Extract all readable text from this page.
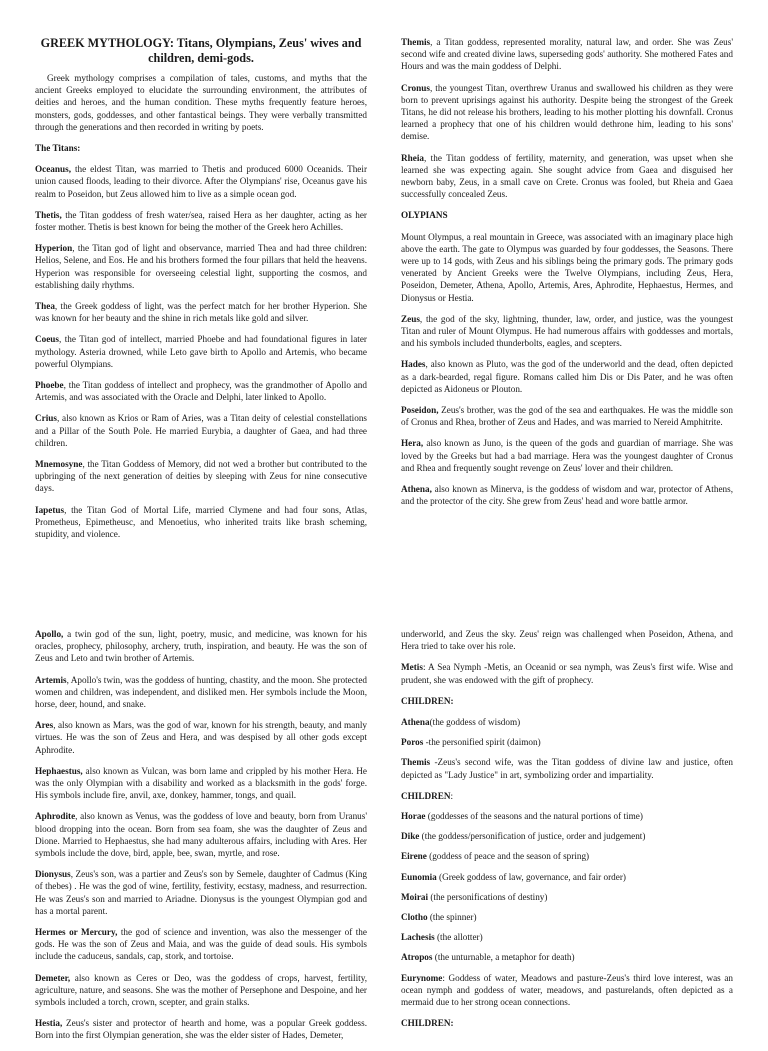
GREEK MYTHOLOGY: Titans, Olympians, Zeus' wives and children, demi-gods.

Greek mythology comprises a compilation of tales, customs, and myths that the ancient Greeks employed to elucidate the surrounding environment, the attributes of deities and heroes, and the human condition. These myths frequently feature heroes, monsters, gods, goddesses, and other fantastical beings. They were verbally transmitted through the generations and then recorded in writing by poets.

The Titans:

Oceanus, the eldest Titan, was married to Thetis and produced 6000 Oceanids. Their union caused floods, leading to their divorce. After the Olympians' rise, Oceanus gave his realm to Poseidon, but Zeus allowed him to live as a simple ocean god.

Thetis, the Titan goddess of fresh water/sea, raised Hera as her daughter, acting as her foster mother. Thetis is best known for being the mother of the Greek hero Achilles.

Hyperion, the Titan god of light and observance, married Thea and had three children: Helios, Selene, and Eos. He and his brothers formed the four pillars that held the heavens. Hyperion was responsible for overseeing celestial light, supporting the cosmos, and establishing daily rhythms.

Thea, the Greek goddess of light, was the perfect match for her brother Hyperion. She was known for her beauty and the shine in rich metals like gold and silver.

Coeus, the Titan god of intellect, married Phoebe and had foundational figures in later mythology. Asteria drowned, while Leto gave birth to Apollo and Artemis, who became powerful Olympians.

Phoebe, the Titan goddess of intellect and prophecy, was the grandmother of Apollo and Artemis, and was associated with the Oracle and Delphi, later linked to Apollo.

Crius, also known as Krios or Ram of Aries, was a Titan deity of celestial constellations and a Pillar of the South Pole. He married Eurybia, a daughter of Gaea, and had three children.

Mnemosyne, the Titan Goddess of Memory, did not wed a brother but contributed to the upbringing of the next generation of deities by sleeping with Zeus for nine consecutive days.

Iapetus, the Titan God of Mortal Life, married Clymene and had four sons, Atlas, Prometheus, Epimetheusc, and Menoetius, who inherited traits like brash scheming, stupidity, and violence.

Themis, a Titan goddess, represented morality, natural law, and order. She was Zeus' second wife and created divine laws, superseding gods' authority. She mothered Fates and Hours and was the main goddess of Delphi.

Cronus, the youngest Titan, overthrew Uranus and swallowed his children as they were born to prevent uprisings against his authority. Despite being the strongest of the Greek Titans, he did not release his brothers, leading to his mother plotting his downfall. Cronus learned a prophecy that one of his children would dethrone him, leading to his sons' demise.

Rheia, the Titan goddess of fertility, maternity, and generation, was upset when she learned she was expecting again. She sought advice from Gaea and disguised her newborn baby, Zeus, in a small cave on Crete. Cronus was fooled, but Rheia and Gaea successfully concealed Zeus.

OLYPIANS

Mount Olympus, a real mountain in Greece, was associated with an imaginary place high above the earth. The gate to Olympus was guarded by four goddesses, the Seasons. There were up to 14 gods, with Zeus and his siblings being the primary gods. The primary gods venerated by Ancient Greeks were the Twelve Olympians, including Zeus, Hera, Poseidon, Demeter, Athena, Apollo, Artemis, Ares, Aphrodite, Hephaestus, Hermes, and Dionysus or Hestia.

Zeus, the god of the sky, lightning, thunder, law, order, and justice, was the youngest Titan and ruler of Mount Olympus. He had numerous affairs with goddesses and mortals, and his symbols included thunderbolts, eagles, and scepters.

Hades, also known as Pluto, was the god of the underworld and the dead, often depicted as a dark-bearded, regal figure. Romans called him Dis or Dis Pater, and he was often depicted as Aidoneus or Plouton.

Poseidon, Zeus's brother, was the god of the sea and earthquakes. He was the middle son of Cronus and Rhea, brother of Zeus and Hades, and was married to Nereid Amphitrite.

Hera, also known as Juno, is the queen of the gods and guardian of marriage. She was loved by the Greeks but had a bad marriage. Hera was the youngest daughter of Cronus and Rhea and frequently sought revenge on Zeus' lover and their children.

Athena, also known as Minerva, is the goddess of wisdom and war, protector of Athens, and the protector of the city. She grew from Zeus' head and wore battle armor.

Apollo, a twin god of the sun, light, poetry, music, and medicine, was known for his oracles, prophecy, philosophy, archery, truth, inspiration, and beauty. He was the son of Zeus and Leto and twin brother of Artemis.

Artemis, Apollo's twin, was the goddess of hunting, chastity, and the moon. She protected women and children, was independent, and disliked men. Her symbols include the Moon, horse, deer, hound, and snake.

Ares, also known as Mars, was the god of war, known for his strength, beauty, and manly virtues. He was the son of Zeus and Hera, and was despised by all other gods except Aphrodite.

Hephaestus, also known as Vulcan, was born lame and crippled by his mother Hera. He was the only Olympian with a disability and worked as a blacksmith in the gods' forge. His symbols include fire, anvil, axe, donkey, hammer, tongs, and quail.

Aphrodite, also known as Venus, was the goddess of love and beauty, born from Uranus' blood dropping into the ocean. Born from sea foam, she was the daughter of Zeus and Dione. Married to Hephaestus, she had many adulterous affairs, including with Ares. Her symbols include the dove, bird, apple, bee, swan, myrtle, and rose.

Dionysus, Zeus's son, was a partier and Zeus's son by Semele, daughter of Cadmus (King of thebes) . He was the god of wine, fertility, festivity, ecstasy, madness, and resurrection. He was Zeus's son and married to Ariadne. Dionysus is the youngest Olympian god and has a mortal parent.

Hermes or Mercury, the god of science and invention, was also the messenger of the gods. He was the son of Zeus and Maia, and was the guide of dead souls. His symbols include the caduceus, sandals, cap, stork, and tortoise.

Demeter, also known as Ceres or Deo, was the goddess of crops, harvest, fertility, agriculture, nature, and seasons. She was the mother of Persephone and Despoine, and her symbols included a torch, crown, scepter, and grain stalks.

Hestia, Zeus's sister and protector of hearth and home, was a popular Greek goddess. Born into the first Olympian generation, she was the elder sister of Hades, Demeter,

underworld, and Zeus the sky. Zeus' reign was challenged when Poseidon, Athena, and Hera tried to take over his role.

Metis: A Sea Nymph -Metis, an Oceanid or sea nymph, was Zeus's first wife. Wise and prudent, she was endowed with the gift of prophecy.

CHILDREN:

Athena(the goddess of wisdom)

Poros -the personified spirit (daimon)

Themis -Zeus's second wife, was the Titan goddess of divine law and justice, often depicted as "Lady Justice" in art, symbolizing order and impartiality.

CHILDREN:

Horae (goddesses of the seasons and the natural portions of time)

Dike (the goddess/personification of justice, order and judgement)

Eirene (goddess of peace and the season of spring)

Eunomia (Greek goddess of law, governance, and fair order)

Moirai (the personifications of destiny)

Clotho (the spinner)

Lachesis (the allotter)

Atropos (the unturnable, a metaphor for death)

Eurynome: Goddess of water, Meadows and pasture-Zeus's third love interest, was an ocean nymph and goddess of water, meadows, and pasturelands, often depicted as a mermaid due to her strong ocean connections.

CHILDREN:
